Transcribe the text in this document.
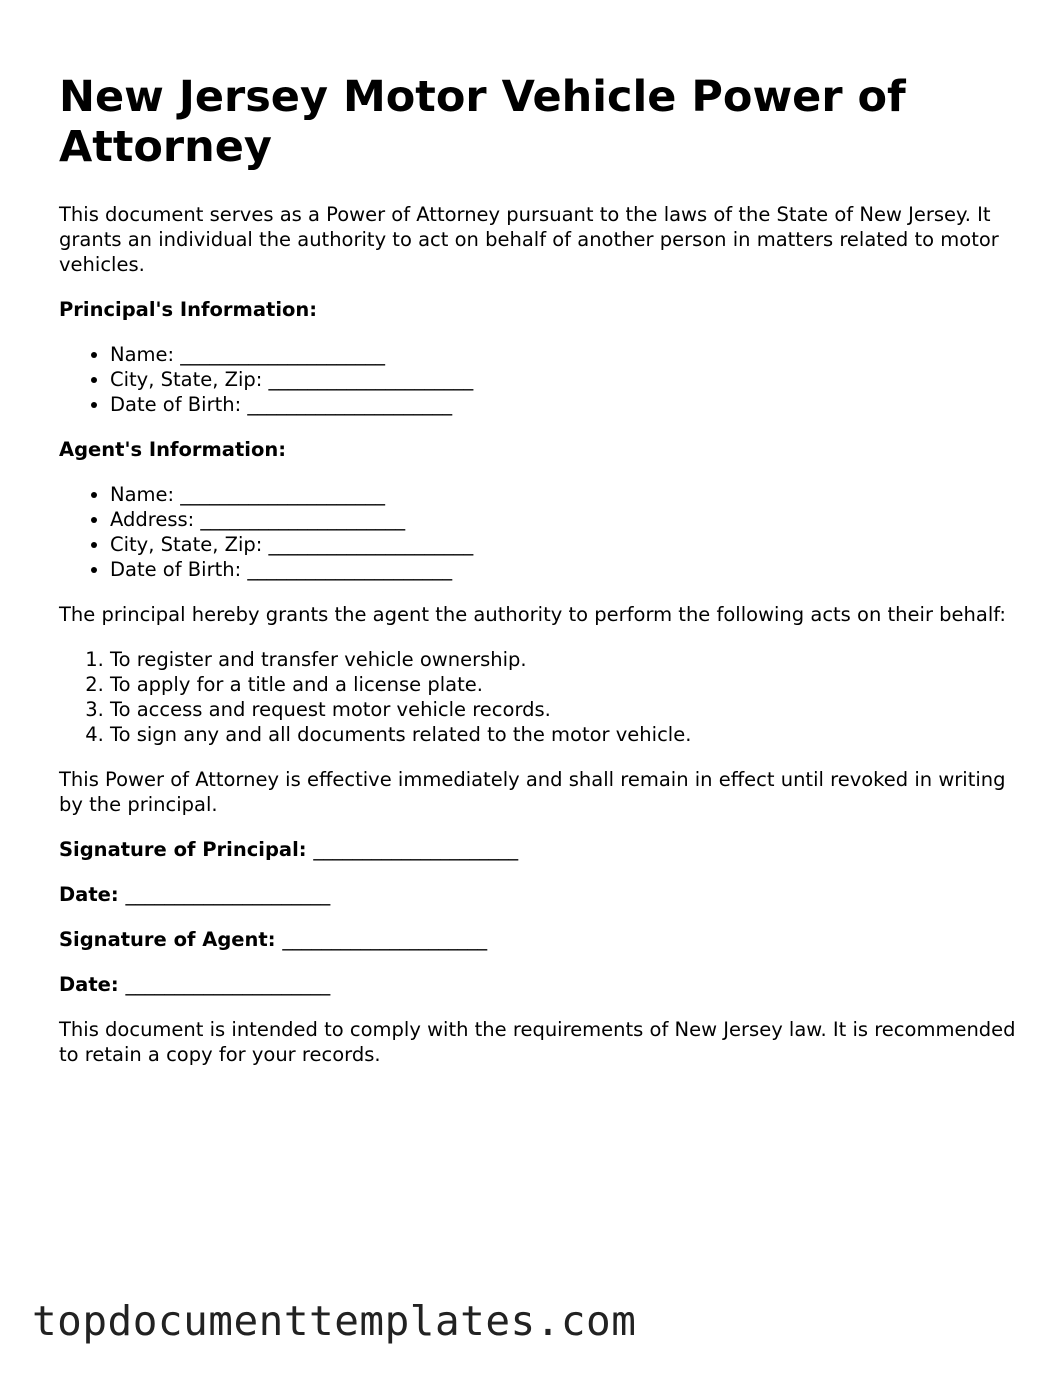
New Jersey Motor Vehicle Power of Attorney

This document serves as a Power of Attorney pursuant to the laws of the State of New Jersey. It grants an individual the authority to act on behalf of another person in matters related to motor vehicles.

Principal's Information:

• Name: _____________________
• City, State, Zip: _____________________
• Date of Birth: _____________________

Agent's Information:

• Name: _____________________
• Address: _____________________
• City, State, Zip: _____________________
• Date of Birth: _____________________

The principal hereby grants the agent the authority to perform the following acts on their behalf:

1. To register and transfer vehicle ownership.
2. To apply for a title and a license plate.
3. To access and request motor vehicle records.
4. To sign any and all documents related to the motor vehicle.

This Power of Attorney is effective immediately and shall remain in effect until revoked in writing by the principal.

Signature of Principal: _____________________

Date: _____________________

Signature of Agent: _____________________

Date: _____________________

This document is intended to comply with the requirements of New Jersey law. It is recommended to retain a copy for your records.

topdocumenttemplates.com
